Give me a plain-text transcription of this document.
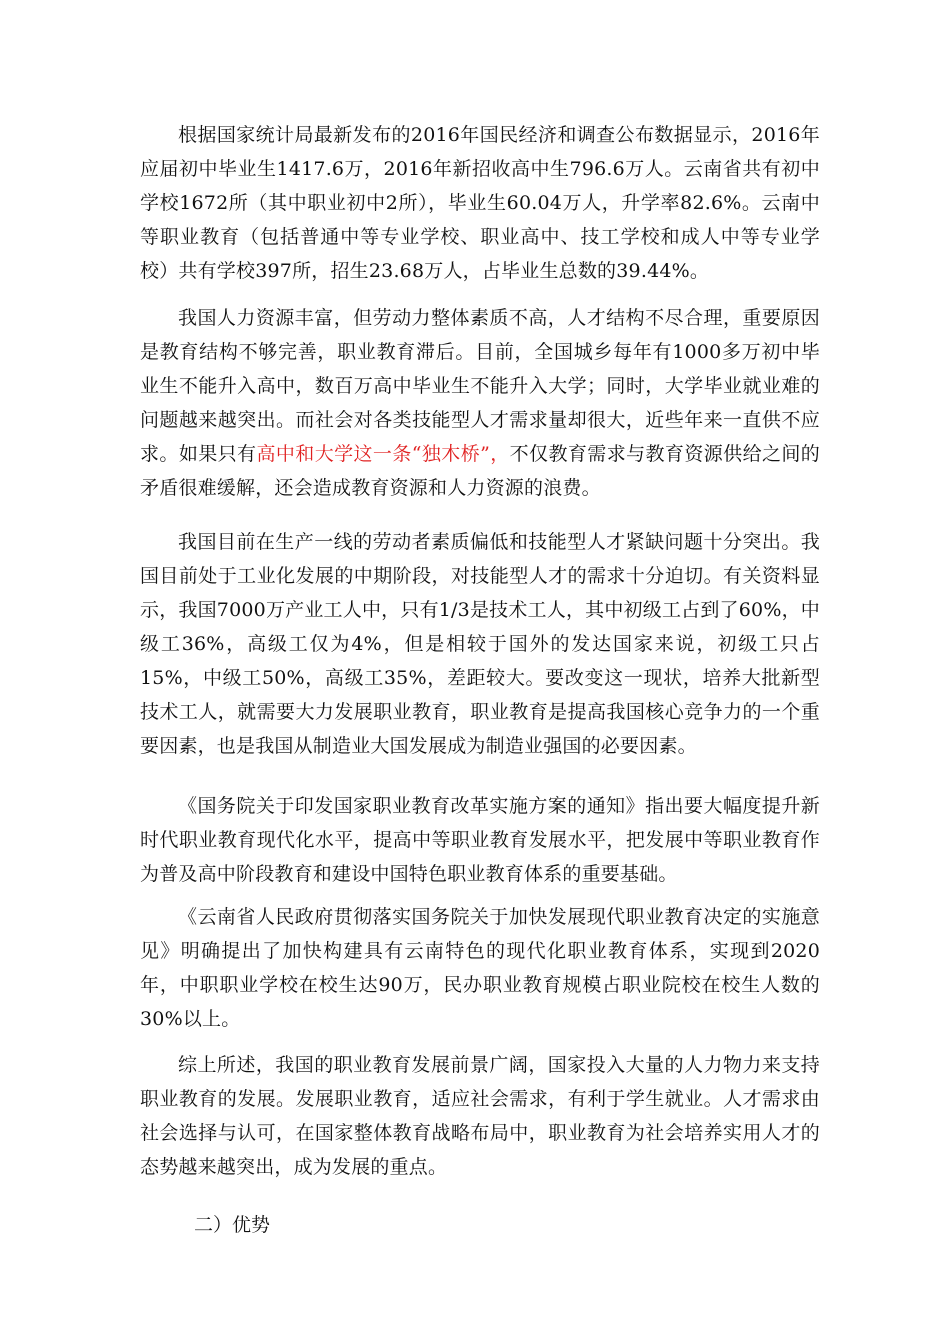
根据国家统计局最新发布的2016年国民经济和调查公布数据显示，2016年应届初中毕业生1417.6万，2016年新招收高中生796.6万人。云南省共有初中学校1672所（其中职业初中2所），毕业生60.04万人，升学率82.6%。云南中等职业教育（包括普通中等专业学校、职业高中、技工学校和成人中等专业学校）共有学校397所，招生23.68万人，占毕业生总数的39.44%。

我国人力资源丰富，但劳动力整体素质不高，人才结构不尽合理，重要原因是教育结构不够完善，职业教育滞后。目前，全国城乡每年有1000多万初中毕业生不能升入高中，数百万高中毕业生不能升入大学；同时，大学毕业就业难的问题越来越突出。而社会对各类技能型人才需求量却很大，近些年来一直供不应求。如果只有高中和大学这一条“独木桥”，不仅教育需求与教育资源供给之间的矛盾很难缓解，还会造成教育资源和人力资源的浪费。

我国目前在生产一线的劳动者素质偏低和技能型人才紧缺问题十分突出。我国目前处于工业化发展的中期阶段，对技能型人才的需求十分迫切。有关资料显示，我国7000万产业工人中，只有1/3是技术工人，其中初级工占到了60%，中级工36%，高级工仅为4%，但是相较于国外的发达国家来说，初级工只占15%，中级工50%，高级工35%，差距较大。要改变这一现状，培养大批新型技术工人，就需要大力发展职业教育，职业教育是提高我国核心竞争力的一个重要因素，也是我国从制造业大国发展成为制造业强国的必要因素。

《国务院关于印发国家职业教育改革实施方案的通知》指出要大幅度提升新时代职业教育现代化水平，提高中等职业教育发展水平，把发展中等职业教育作为普及高中阶段教育和建设中国特色职业教育体系的重要基础。

《云南省人民政府贯彻落实国务院关于加快发展现代职业教育决定的实施意见》明确提出了加快构建具有云南特色的现代化职业教育体系，实现到2020年，中职职业学校在校生达90万，民办职业教育规模占职业院校在校生人数的30%以上。

综上所述，我国的职业教育发展前景广阔，国家投入大量的人力物力来支持职业教育的发展。发展职业教育，适应社会需求，有利于学生就业。人才需求由社会选择与认可，在国家整体教育战略布局中，职业教育为社会培养实用人才的态势越来越突出，成为发展的重点。

二）优势
